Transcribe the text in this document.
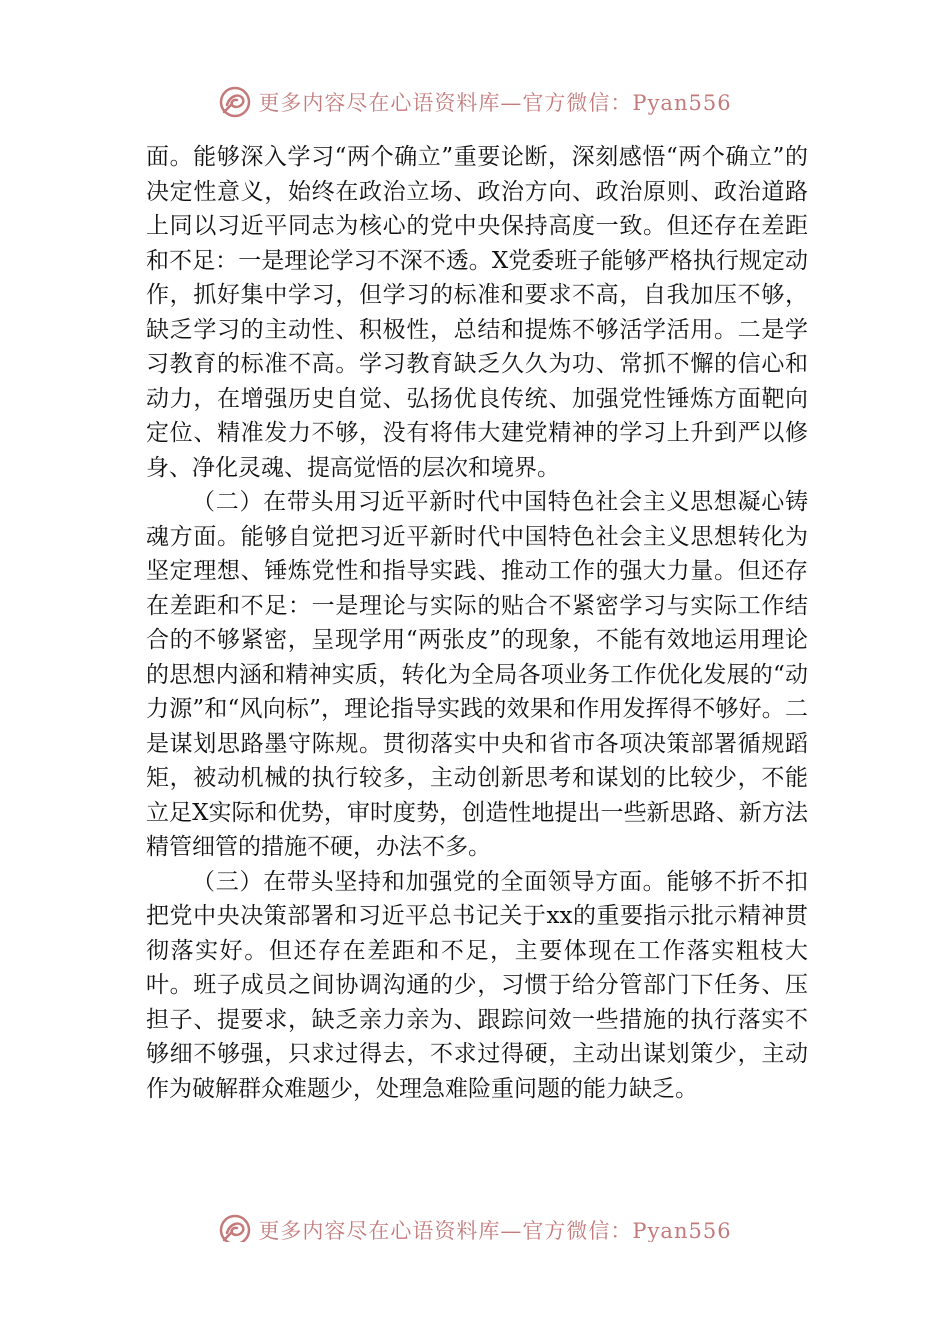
更多内容尽在心语资料库—官方微信：Pyan556

面。能够深入学习“两个确立”重要论断，深刻感悟“两个确立”的决定性意义，始终在政治立场、政治方向、政治原则、政治道路上同以习近平同志为核心的党中央保持高度一致。但还存在差距和不足：一是理论学习不深不透。X党委班子能够严格执行规定动作，抓好集中学习，但学习的标准和要求不高，自我加压不够，缺乏学习的主动性、积极性，总结和提炼不够活学活用。二是学习教育的标准不高。学习教育缺乏久久为功、常抓不懈的信心和动力，在增强历史自觉、弘扬优良传统、加强党性锤炼方面靶向定位、精准发力不够，没有将伟大建党精神的学习上升到严以修身、净化灵魂、提高觉悟的层次和境界。

（二）在带头用习近平新时代中国特色社会主义思想凝心铸魂方面。能够自觉把习近平新时代中国特色社会主义思想转化为坚定理想、锤炼党性和指导实践、推动工作的强大力量。但还存在差距和不足：一是理论与实际的贴合不紧密学习与实际工作结合的不够紧密，呈现学用“两张皮”的现象，不能有效地运用理论的思想内涵和精神实质，转化为全局各项业务工作优化发展的“动力源”和“风向标”，理论指导实践的效果和作用发挥得不够好。二是谋划思路墨守陈规。贯彻落实中央和省市各项决策部署循规蹈矩，被动机械的执行较多，主动创新思考和谋划的比较少，不能立足X实际和优势，审时度势，创造性地提出一些新思路、新方法精管细管的措施不硬，办法不多。

（三）在带头坚持和加强党的全面领导方面。能够不折不扣把党中央决策部署和习近平总书记关于xx的重要指示批示精神贯彻落实好。但还存在差距和不足，主要体现在工作落实粗枝大叶。班子成员之间协调沟通的少，习惯于给分管部门下任务、压担子、提要求，缺乏亲力亲为、跟踪问效一些措施的执行落实不够细不够强，只求过得去，不求过得硬，主动出谋划策少，主动作为破解群众难题少，处理急难险重问题的能力缺乏。

更多内容尽在心语资料库—官方微信：Pyan556
